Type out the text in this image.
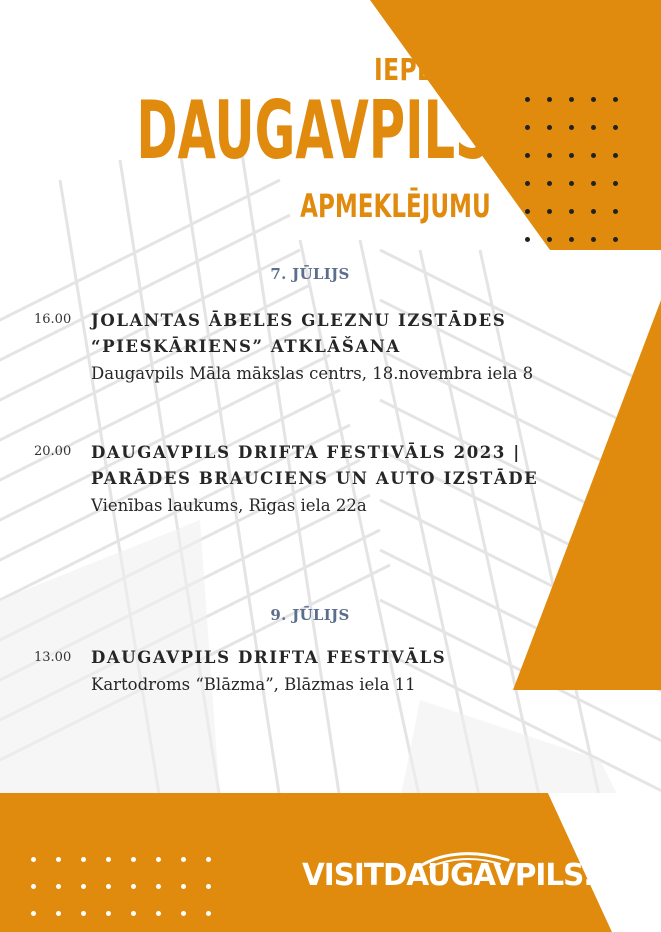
IEPLĀNO
DAUGAVPILS
APMEKLĒJUMU
7. JŪLIJS
16.00 JOLANTAS ĀBELES GLEZNU IZSTĀDES
“PIESKĀRIENS” ATKLĀŠANA
Daugavpils Māla mākslas centrs, 18.novembra iela 8
20.00 DAUGAVPILS DRIFTA FESTIVĀLS 2023 |
PARĀDES BRAUCIENS UN AUTO IZSTĀDE
Vienības laukums, Rīgas iela 22a
9. JŪLIJS
13.00 DAUGAVPILS DRIFTA FESTIVĀLS
Kartodroms “Blāzma”, Blāzmas iela 11
VISITDAUGAVPILS.LV
